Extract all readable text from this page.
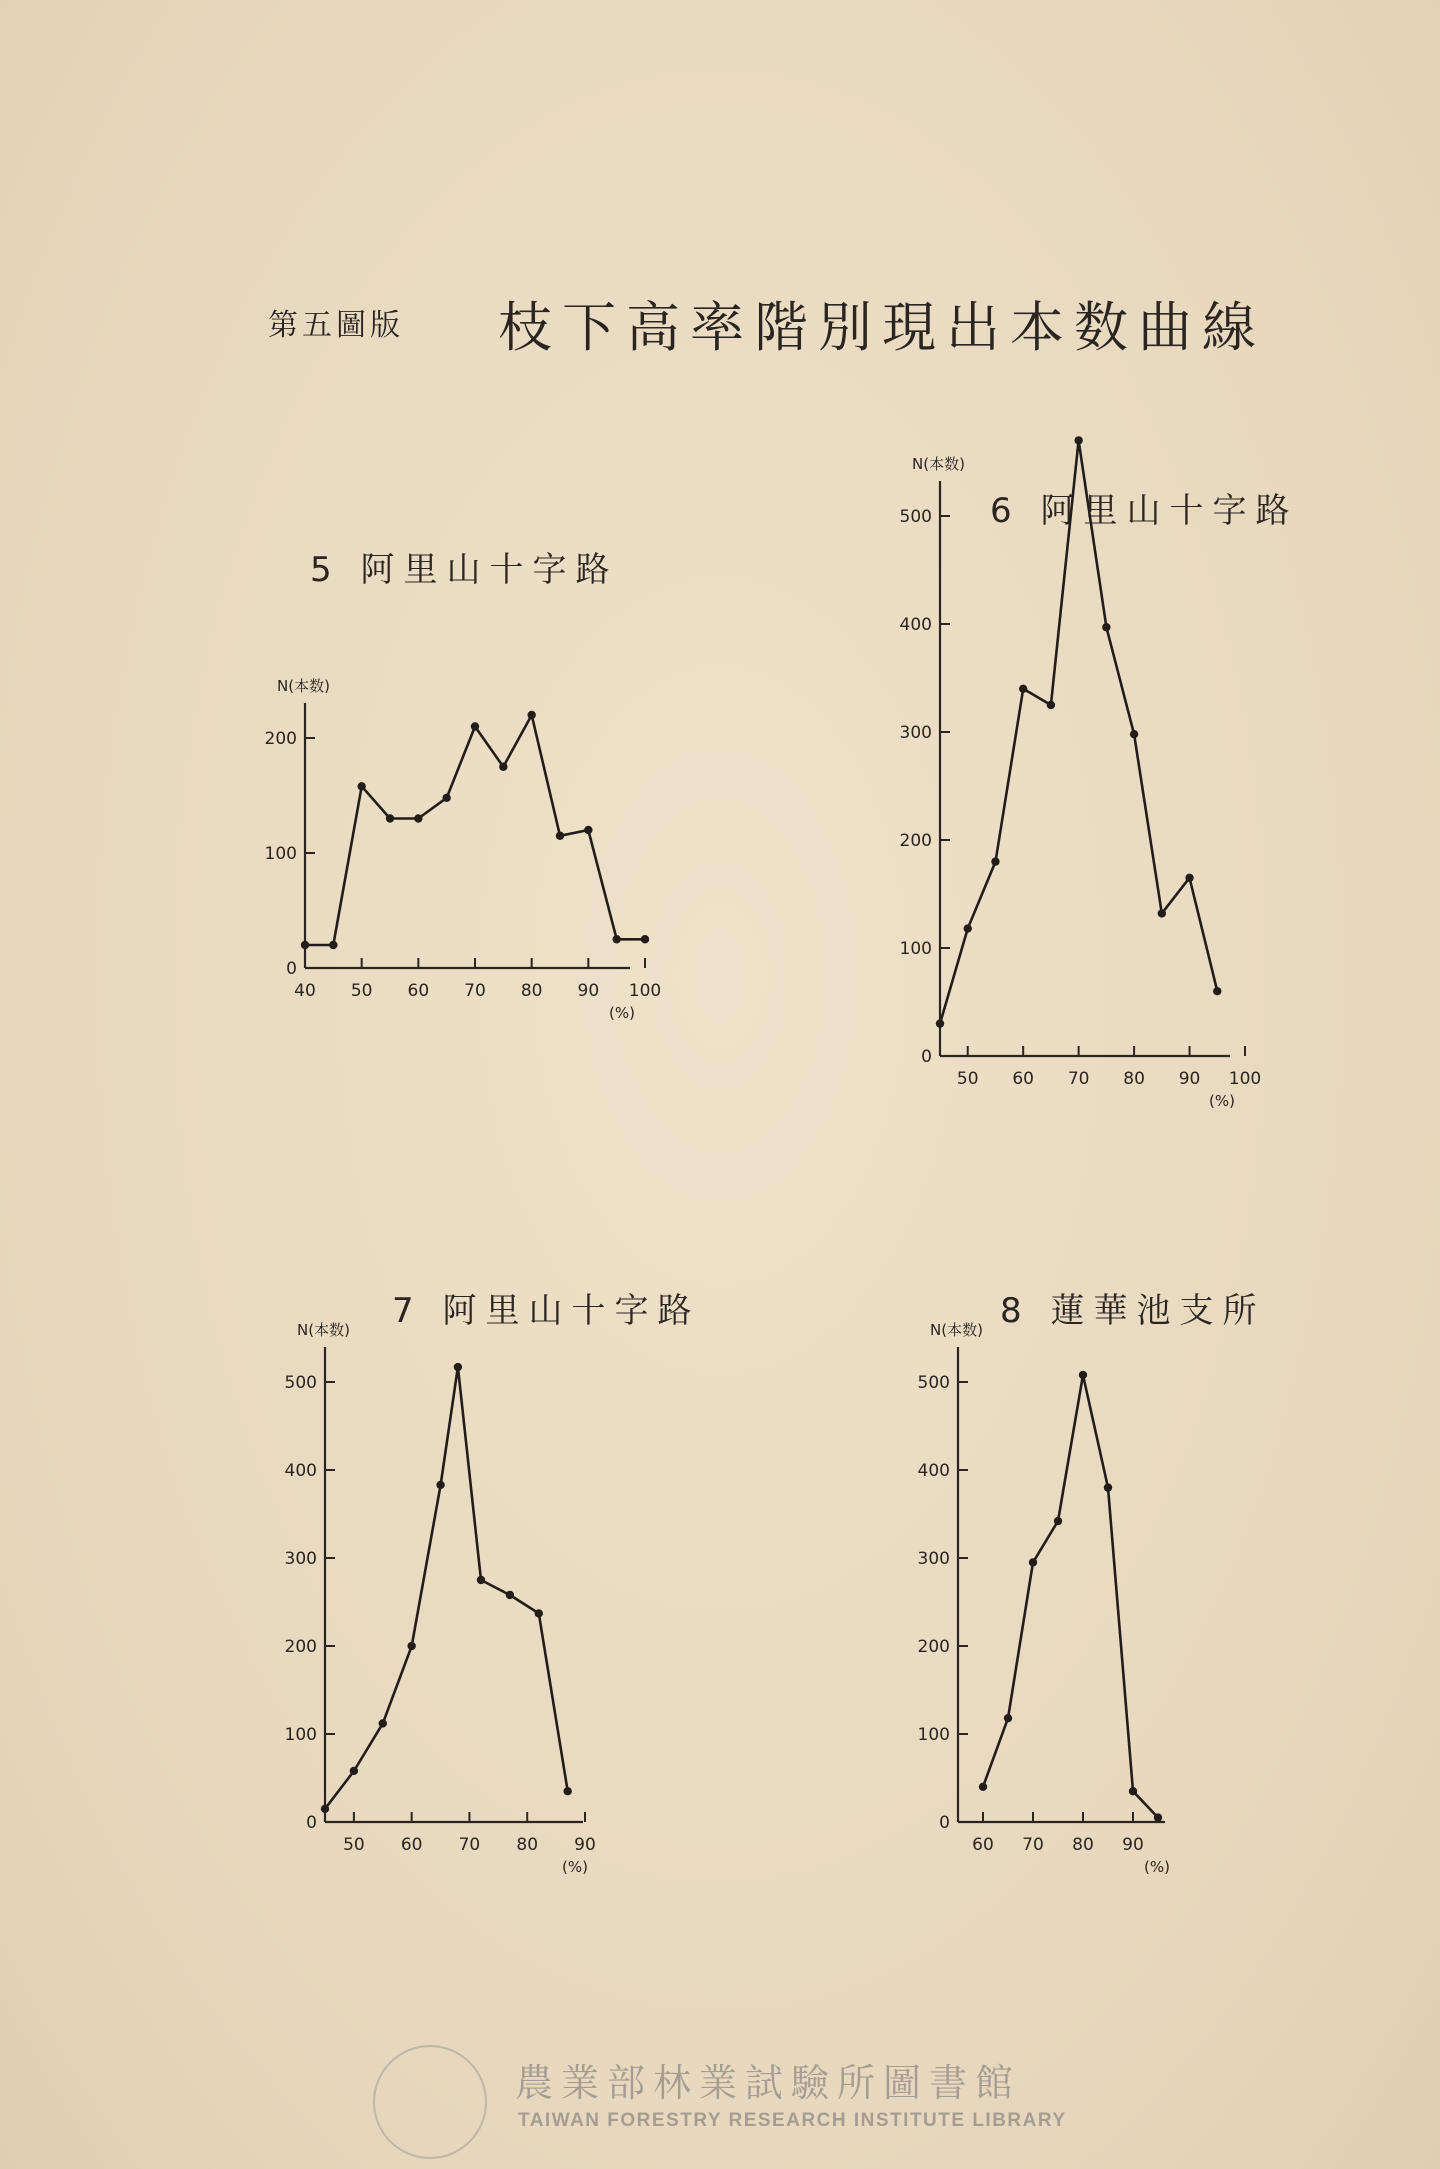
第五圖版 枝下高率階別現出本数曲線
5 阿里山十字路
6 阿里山十字路
7 阿里山十字路	8 蓮華池支所
0
100
200
40 50 60 70 80 90 100
N(本数)
(%)
0
100
200
300
400
500
50 60 70 80 90 100
N(本数)
(%)
0
100
200
300
400
500
50 60 70 80 90
N(本数)
(%)
0
100
200
300
400
500
60 70 80 90
N(本数)
(%)
農業部林業試驗所圖書館
TAIWAN FORESTRY RESEARCH INSTITUTE LIBRARY
